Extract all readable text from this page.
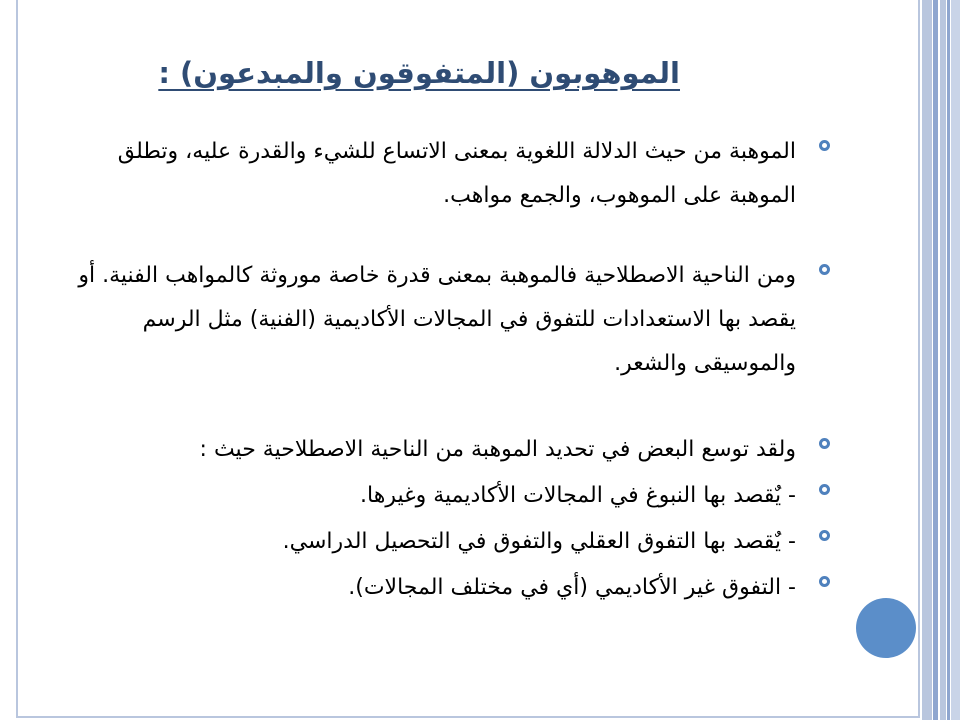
الموهوبون (المتفوقون والمبدعون) :
الموهبة من حيث الدلالة اللغوية بمعنى الاتساع للشيء والقدرة عليه، وتطلق الموهبة على الموهوب، والجمع مواهب.
ومن الناحية الاصطلاحية فالموهبة بمعنى قدرة خاصة موروثة كالمواهب الفنية. أو يقصد بها الاستعدادات للتفوق في المجالات الأكاديمية (الفنية) مثل الرسم والموسيقى والشعر.
ولقد توسع البعض في تحديد الموهبة من الناحية الاصطلاحية حيث :
- يٌقصد بها النبوغ في المجالات الأكاديمية وغيرها.
- يٌقصد بها التفوق العقلي والتفوق في التحصيل الدراسي.
- التفوق غير الأكاديمي (أي في مختلف المجالات).
